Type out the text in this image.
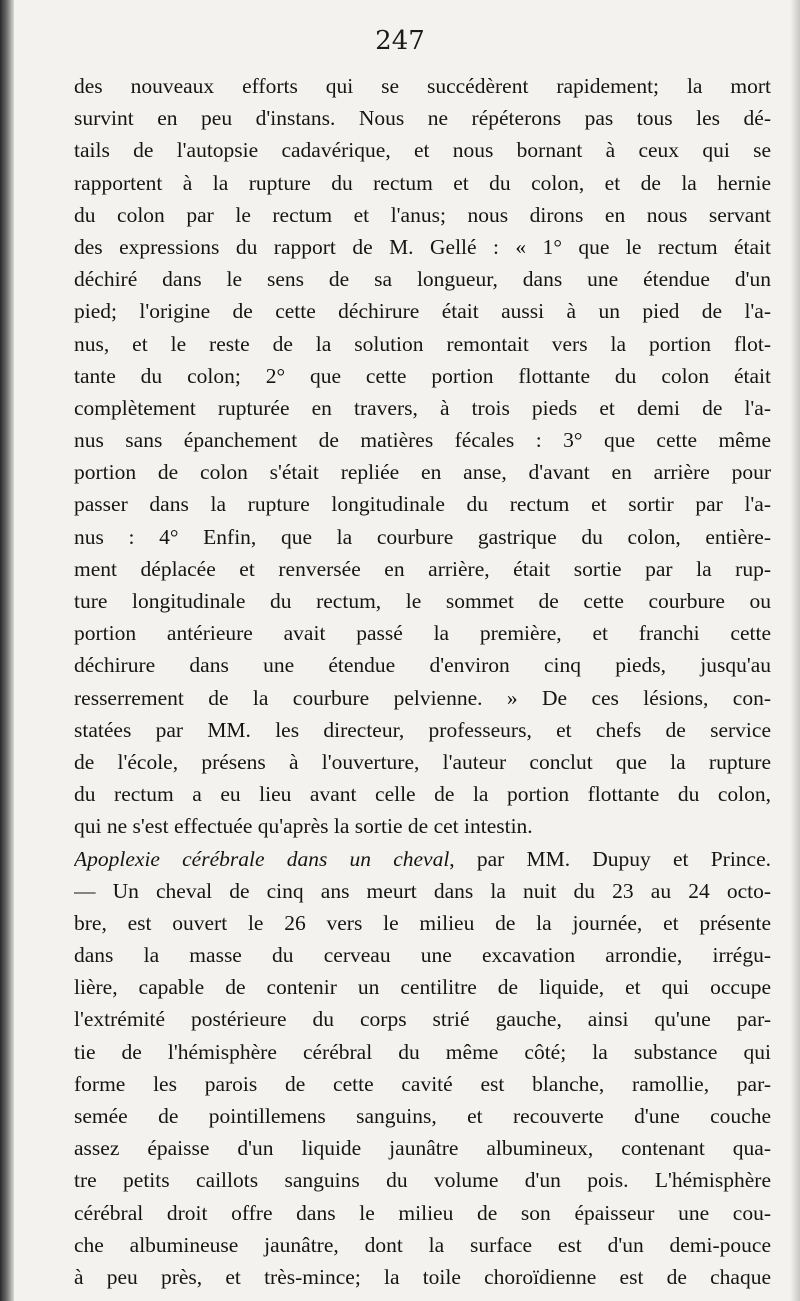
247
des nouveaux efforts qui se succédèrent rapidement; la mort
survint en peu d'instans. Nous ne répéterons pas tous les dé-
tails de l'autopsie cadavérique, et nous bornant à ceux qui se
rapportent à la rupture du rectum et du colon, et de la hernie
du colon par le rectum et l'anus; nous dirons en nous servant
des expressions du rapport de M. Gellé : « 1° que le rectum était
déchiré dans le sens de sa longueur, dans une étendue d'un
pied; l'origine de cette déchirure était aussi à un pied de l'a-
nus, et le reste de la solution remontait vers la portion flot-
tante du colon; 2° que cette portion flottante du colon était
complètement rupturée en travers, à trois pieds et demi de l'a-
nus sans épanchement de matières fécales : 3° que cette même
portion de colon s'était repliée en anse, d'avant en arrière pour
passer dans la rupture longitudinale du rectum et sortir par l'a-
nus : 4° Enfin, que la courbure gastrique du colon, entière-
ment déplacée et renversée en arrière, était sortie par la rup-
ture longitudinale du rectum, le sommet de cette courbure ou
portion antérieure avait passé la première, et franchi cette
déchirure dans une étendue d'environ cinq pieds, jusqu'au
resserrement de la courbure pelvienne. » De ces lésions, con-
statées par MM. les directeur, professeurs, et chefs de service
de l'école, présens à l'ouverture, l'auteur conclut que la rupture
du rectum a eu lieu avant celle de la portion flottante du colon,
qui ne s'est effectuée qu'après la sortie de cet intestin.
Apoplexie cérébrale dans un cheval, par MM. Dupuy et Prince.
— Un cheval de cinq ans meurt dans la nuit du 23 au 24 octo-
bre, est ouvert le 26 vers le milieu de la journée, et présente
dans la masse du cerveau une excavation arrondie, irrégu-
lière, capable de contenir un centilitre de liquide, et qui occupe
l'extrémité postérieure du corps strié gauche, ainsi qu'une par-
tie de l'hémisphère cérébral du même côté; la substance qui
forme les parois de cette cavité est blanche, ramollie, par-
semée de pointillemens sanguins, et recouverte d'une couche
assez épaisse d'un liquide jaunâtre albumineux, contenant qua-
tre petits caillots sanguins du volume d'un pois. L'hémisphère
cérébral droit offre dans le milieu de son épaisseur une cou-
che albumineuse jaunâtre, dont la surface est d'un demi-pouce
à peu près, et très-mince; la toile choroïdienne est de chaque
